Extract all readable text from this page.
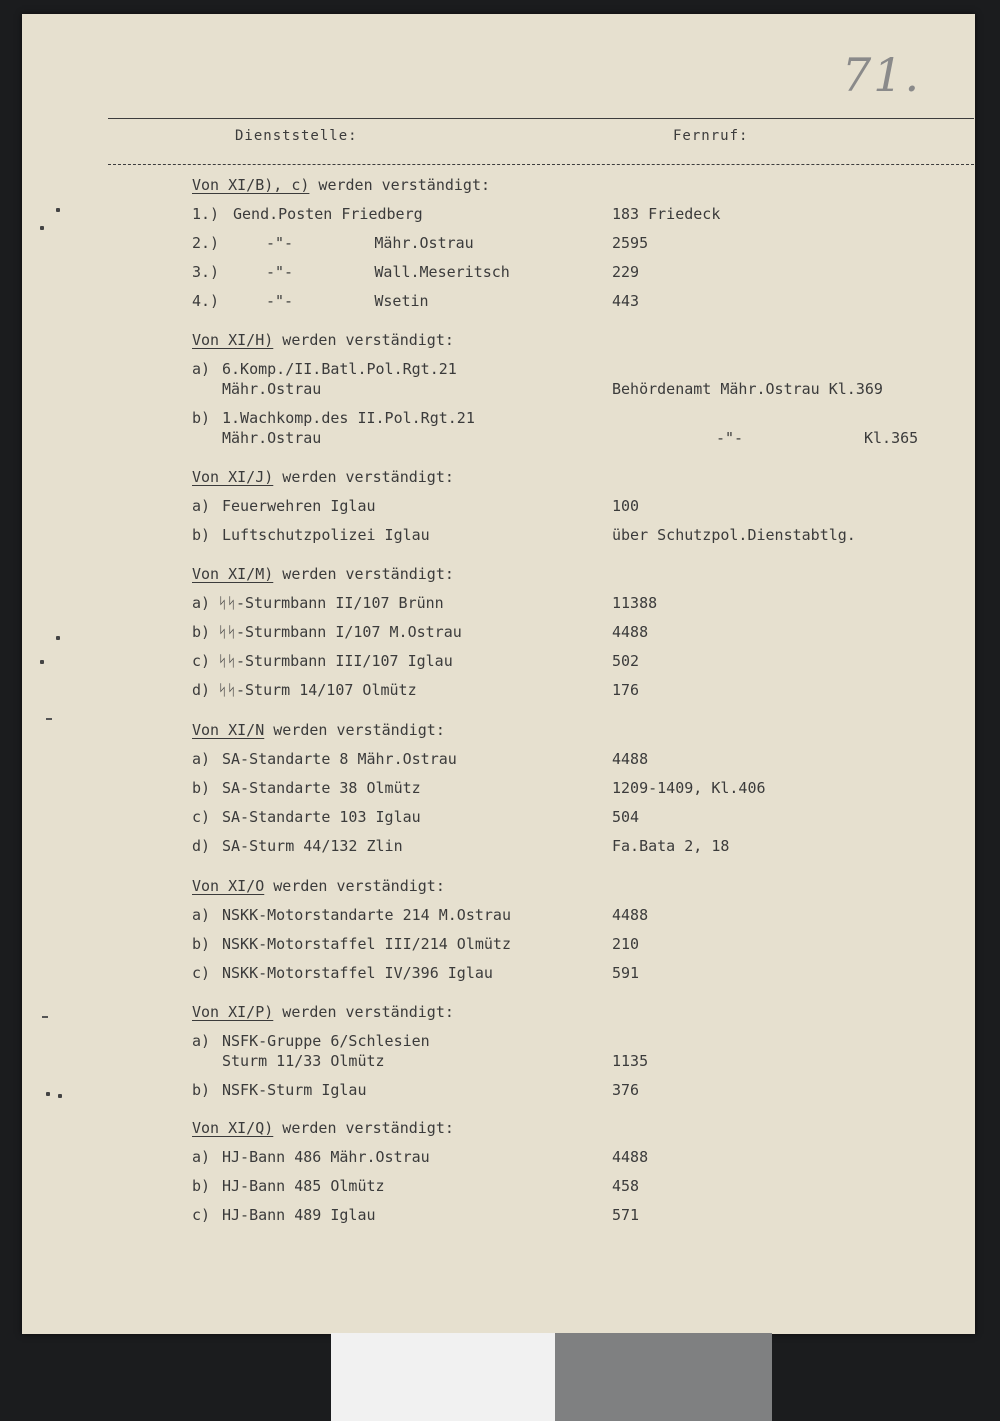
71.
Dienststelle:	Fernruf:
Von XI/B), c) werden verständigt:
1.) Gend.Posten Friedberg	183 Friedeck
2.)	-"-         Mähr.Ostrau	2595
3.)	-"-         Wall.Meseritsch	229
4.)	-"-         Wsetin	443
Von XI/H) werden verständigt:
a) 6.Komp./II.Batl.Pol.Rgt.21
Mähr.Ostrau	Behördenamt Mähr.Ostrau Kl.369
b) 1.Wachkomp.des II.Pol.Rgt.21
Mähr.Ostrau	-"-	Kl.365
Von XI/J) werden verständigt:
a) Feuerwehren Iglau	100
b) Luftschutzpolizei Iglau	über Schutzpol.Dienstabtlg.
Von XI/M) werden verständigt:
a) ᛋᛋ-Sturmbann II/107 Brünn	11388
b) ᛋᛋ-Sturmbann I/107 M.Ostrau	4488
c) ᛋᛋ-Sturmbann III/107 Iglau	502
d) ᛋᛋ-Sturm 14/107 Olmütz	176
Von XI/N werden verständigt:
a) SA-Standarte 8 Mähr.Ostrau	4488
b) SA-Standarte 38 Olmütz	1209-1409, Kl.406
c) SA-Standarte 103 Iglau	504
d) SA-Sturm 44/132 Zlin	Fa.Bata 2, 18
Von XI/O werden verständigt:
a) NSKK-Motorstandarte 214 M.Ostrau	4488
b) NSKK-Motorstaffel III/214 Olmütz	210
c) NSKK-Motorstaffel IV/396 Iglau	591
Von XI/P) werden verständigt:
a) NSFK-Gruppe 6/Schlesien
Sturm 11/33 Olmütz	1135
b) NSFK-Sturm Iglau	376
Von XI/Q) werden verständigt:
a) HJ-Bann 486 Mähr.Ostrau	4488
b) HJ-Bann 485 Olmütz	458
c) HJ-Bann 489 Iglau	571
